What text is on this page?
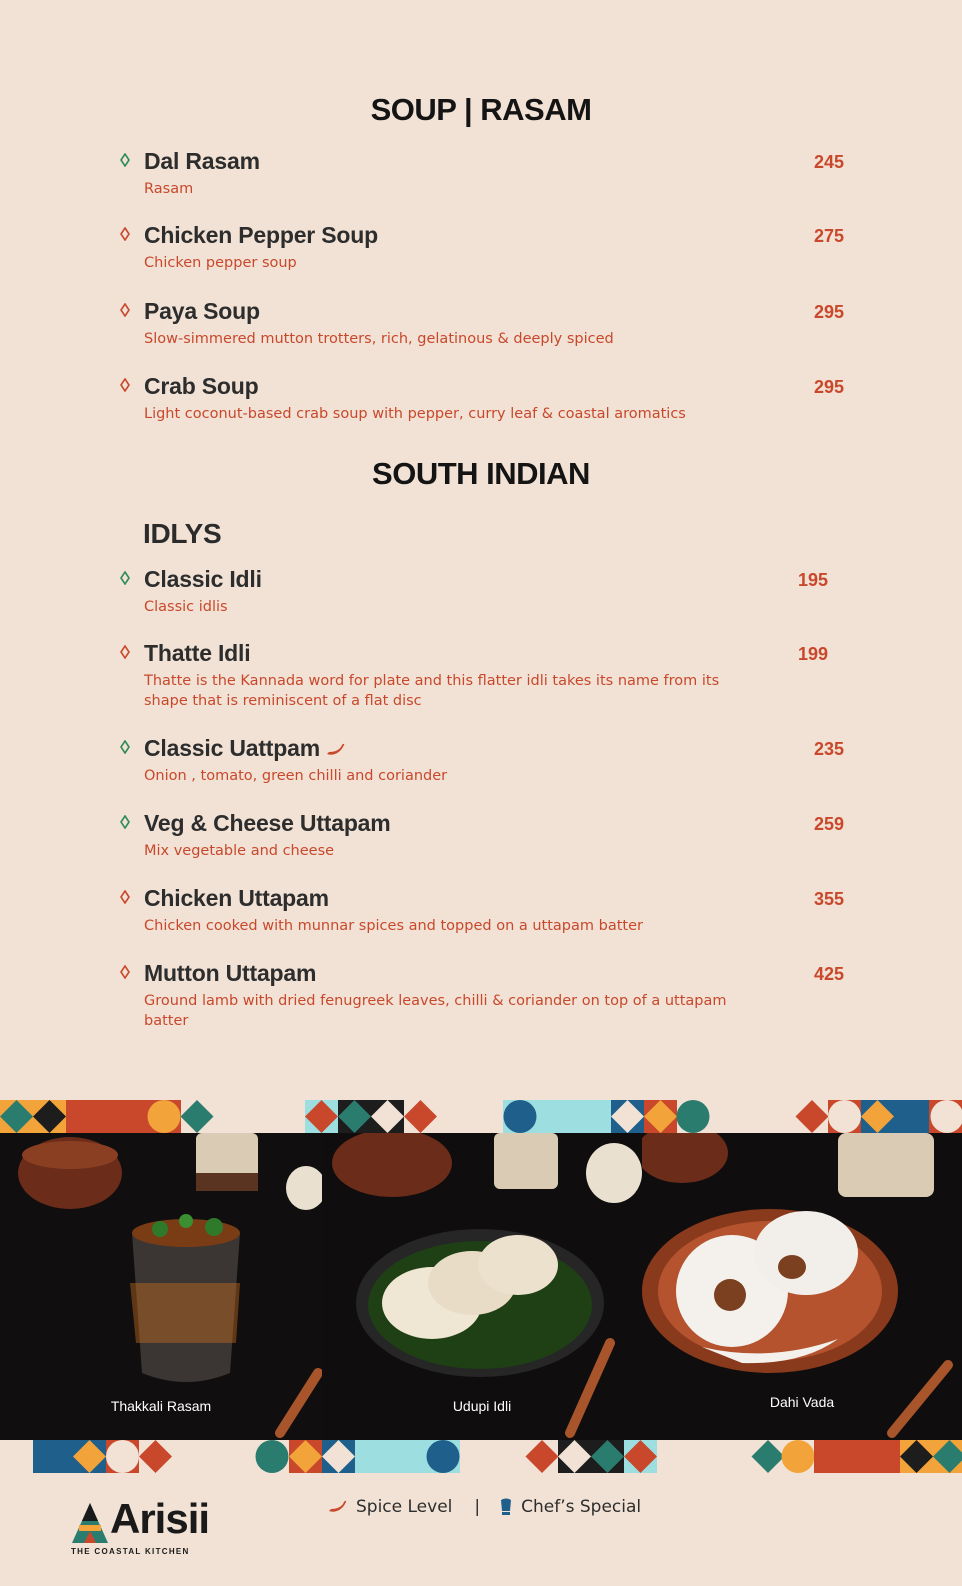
SOUP | RASAM
Dal Rasam	245
Rasam
Chicken Pepper Soup	275
Chicken pepper soup
Paya Soup	295
Slow-simmered mutton trotters, rich, gelatinous & deeply spiced
Crab Soup	295
Light coconut-based crab soup with pepper, curry leaf & coastal aromatics
SOUTH INDIAN
IDLYS
Classic Idli	195
Classic idlis
Thatte Idli	199
Thatte is the Kannada word for plate and this flatter idli takes its name from its shape that is reminiscent of a flat disc
Classic Uattpam	235
Onion , tomato, green chilli and coriander
Veg & Cheese Uttapam	259
Mix vegetable and cheese
Chicken Uttapam	355
Chicken cooked with munnar spices and topped on a uttapam batter
Mutton Uttapam	425
Ground lamb with dried fenugreek leaves, chilli & coriander on top of a uttapam batter
Thakkali Rasam	Udupi Idli	Dahi Vada
Arisii
THE COASTAL KITCHEN
Spice Level | Chef’s Special
